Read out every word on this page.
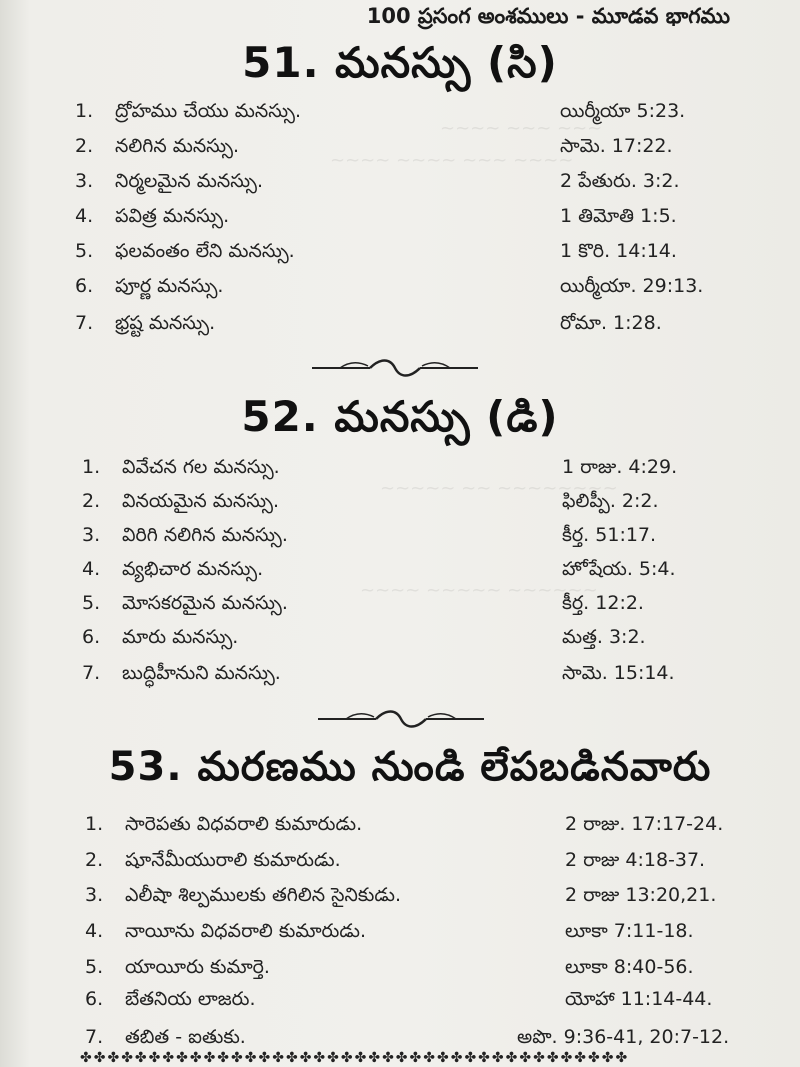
~~~~ ~~~ ~~~
~~~~ ~~~~ ~~~ ~~~~
~~~~~ ~~ ~~~~~~~~
~~~~ ~~~~~ ~~~~~~
100 ప్రసంగ అంశములు - మూడవ భాగము
51. మనస్సు (సి)
1.	ద్రోహము చేయు మనస్సు.	యిర్మీయా 5:23.
2.	నలిగిన మనస్సు.	సామె. 17:22.
3.	నిర్మలమైన మనస్సు.	2 పేతురు. 3:2.
4.	పవిత్ర మనస్సు.	1 తిమోతి 1:5.
5.	ఫలవంతం లేని మనస్సు.	1 కొరి. 14:14.
6.	పూర్ణ మనస్సు.	యిర్మీయా. 29:13.
7.	భ్రష్ట మనస్సు.	రోమా. 1:28.
52. మనస్సు (డి)
1.	వివేచన గల మనస్సు.	1 రాజు. 4:29.
2.	వినయమైన మనస్సు.	ఫిలిప్పీ. 2:2.
3.	విరిగి నలిగిన మనస్సు.	కీర్త. 51:17.
4.	వ్యభిచార మనస్సు.	హోషేయ. 5:4.
5.	మోసకరమైన మనస్సు.	కీర్త. 12:2.
6.	మారు మనస్సు.	మత్త. 3:2.
7.	బుద్ధిహీనుని మనస్సు.	సామె. 15:14.
53. మరణము నుండి లేపబడినవారు
1.	సారెపతు విధవరాలి కుమారుడు.	2 రాజు. 17:17-24.
2.	షూనేమీయురాలి కుమారుడు.	2 రాజు 4:18-37.
3.	ఎలీషా శిల్పములకు తగిలిన సైనికుడు.	2 రాజు 13:20,21.
4.	నాయీను విధవరాలి కుమారుడు.	లూకా 7:11-18.
5.	యాయీరు కుమార్తె.	లూకా 8:40-56.
6.	బేతనియ లాజరు.	యోహా 11:14-44.
7.	తబిత - ఐతుకు.	అపొ. 9:36-41, 20:7-12.
✤✤✤✤✤✤✤✤✤✤✤✤✤✤✤✤✤✤✤✤✤✤✤✤✤✤✤✤✤✤✤✤✤✤✤✤✤✤✤✤
